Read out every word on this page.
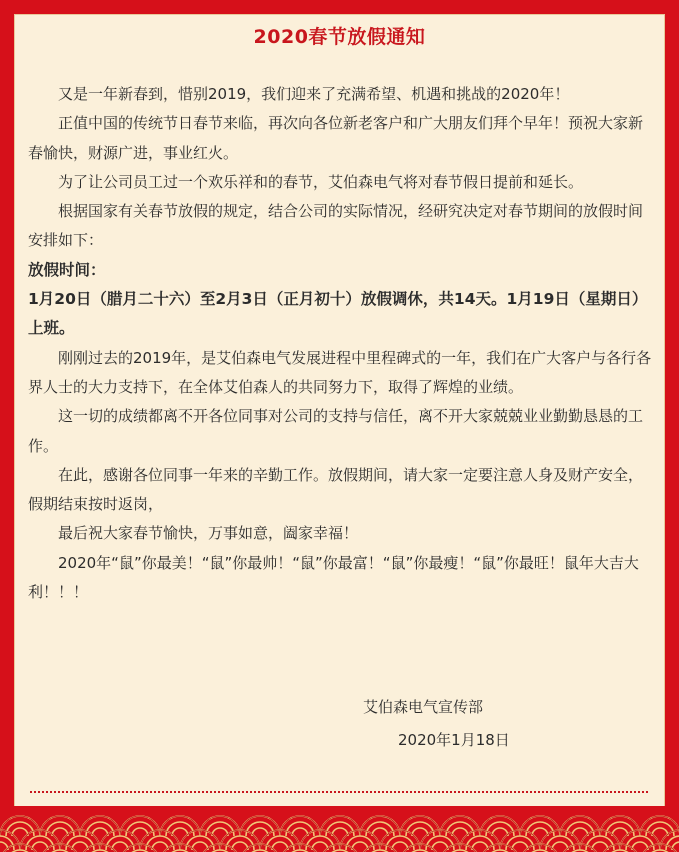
2020春节放假通知

又是一年新春到，惜别2019，我们迎来了充满希望、机遇和挑战的2020年！

正值中国的传统节日春节来临，再次向各位新老客户和广大朋友们拜个早年！预祝大家新春愉快，财源广进，事业红火。

为了让公司员工过一个欢乐祥和的春节，艾伯森电气将对春节假日提前和延长。

根据国家有关春节放假的规定，结合公司的实际情况，经研究决定对春节期间的放假时间安排如下：

放假时间：

1月20日（腊月二十六）至2月3日（正月初十）放假调休，共14天。1月19日（星期日）上班。

刚刚过去的2019年，是艾伯森电气发展进程中里程碑式的一年，我们在广大客户与各行各界人士的大力支持下，在全体艾伯森人的共同努力下，取得了辉煌的业绩。

这一切的成绩都离不开各位同事对公司的支持与信任，离不开大家兢兢业业勤勤恳恳的工作。

在此，感谢各位同事一年来的辛勤工作。放假期间，请大家一定要注意人身及财产安全，假期结束按时返岗，

最后祝大家春节愉快，万事如意，阖家幸福！

2020年“鼠”你最美！“鼠”你最帅！“鼠”你最富！“鼠”你最瘦！“鼠”你最旺！鼠年大吉大利！！！

艾伯森电气宣传部
2020年1月18日
